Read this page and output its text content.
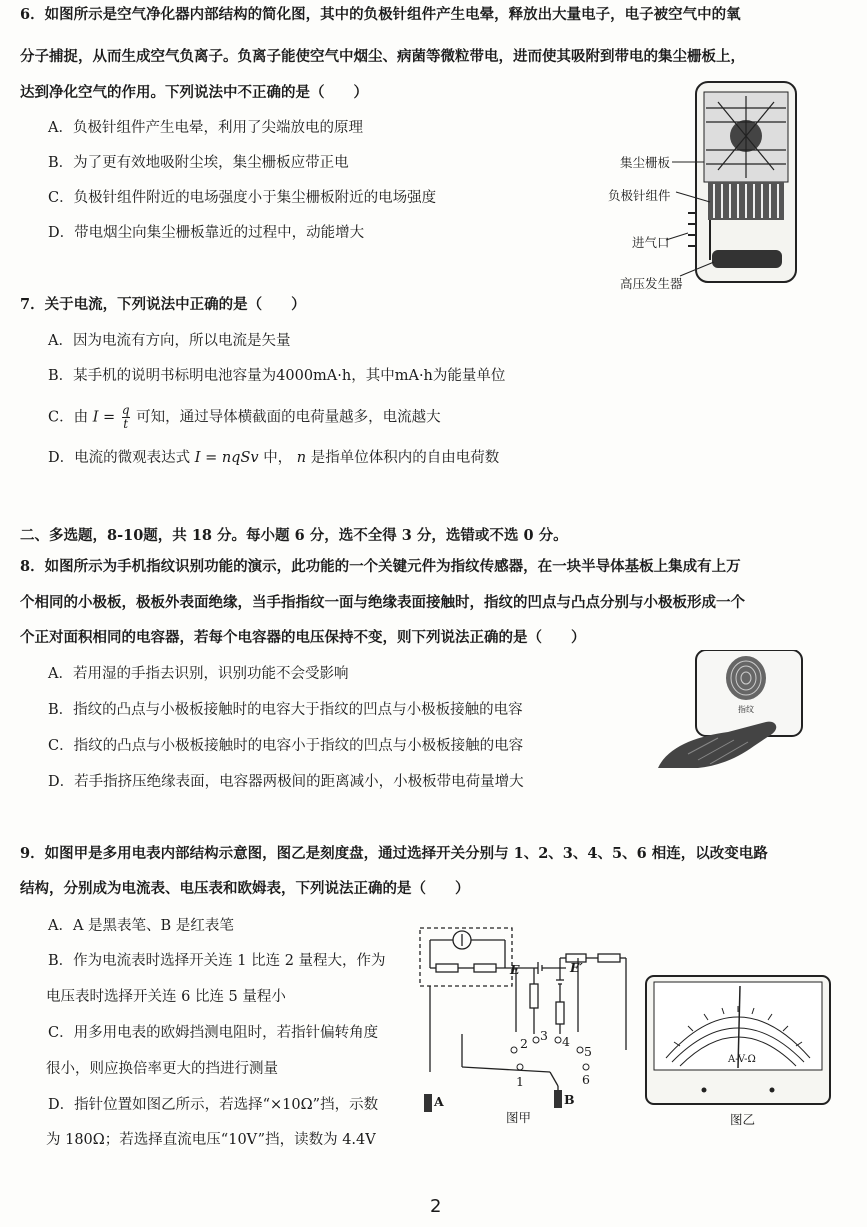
6．如图所示是空气净化器内部结构的简化图，其中的负极针组件产生电晕，释放出大量电子，电子被空气中的氧
分子捕捉，从而生成空气负离子。负离子能使空气中烟尘、病菌等微粒带电，进而使其吸附到带电的集尘栅板上，
达到净化空气的作用。下列说法中不正确的是（　　）
A．负极针组件产生电晕，利用了尖端放电的原理
B．为了更有效地吸附尘埃，集尘栅板应带正电
C．负极针组件附近的电场强度小于集尘栅板附近的电场强度
D．带电烟尘向集尘栅板靠近的过程中，动能增大
集尘栅板
负极针组件
进气口
高压发生器
7．关于电流，下列说法中正确的是（　　）
A．因为电流有方向，所以电流是矢量
B．某手机的说明书标明电池容量为4000mA·h，其中mA·h为能量单位
C．由 $I = \frac{q}{t}$ 可知，通过导体横截面的电荷量越多，电流越大
D．电流的微观表达式 I = nqSv 中， n 是指单位体积内的自由电荷数
二、多选题，8-10题，共 18 分。每小题 6 分，选不全得 3 分，选错或不选 0 分。
8．如图所示为手机指纹识别功能的演示，此功能的一个关键元件为指纹传感器，在一块半导体基板上集成有上万
个相同的小极板，极板外表面绝缘，当手指指纹一面与绝缘表面接触时，指纹的凹点与凸点分别与小极板形成一个
个正对面积相同的电容器，若每个电容器的电压保持不变，则下列说法正确的是（　　）
A．若用湿的手指去识别，识别功能不会受影响
B．指纹的凸点与小极板接触时的电容大于指纹的凹点与小极板接触的电容
C．指纹的凸点与小极板接触时的电容小于指纹的凹点与小极板接触的电容
D．若手指挤压绝缘表面，电容器两极间的距离减小，小极板带电荷量增大
指纹
9．如图甲是多用电表内部结构示意图，图乙是刻度盘，通过选择开关分别与 1、2、3、4、5、6 相连，以改变电路
结构，分别成为电流表、电压表和欧姆表，下列说法正确的是（　　）
A．A 是黑表笔、B 是红表笔
B．作为电流表时选择开关连 1 比连 2 量程大，作为
电压表时选择开关连 6 比连 5 量程小
C．用多用电表的欧姆挡测电阻时，若指针偏转角度
很小，则应换倍率更大的挡进行测量
D．指针位置如图乙所示，若选择“×10Ω”挡，示数
为 180Ω；若选择直流电压“10V”挡，读数为 4.4V
E	E′
1
2
3 4
5
6
A	B
图甲
A-V-Ω
图乙
2
